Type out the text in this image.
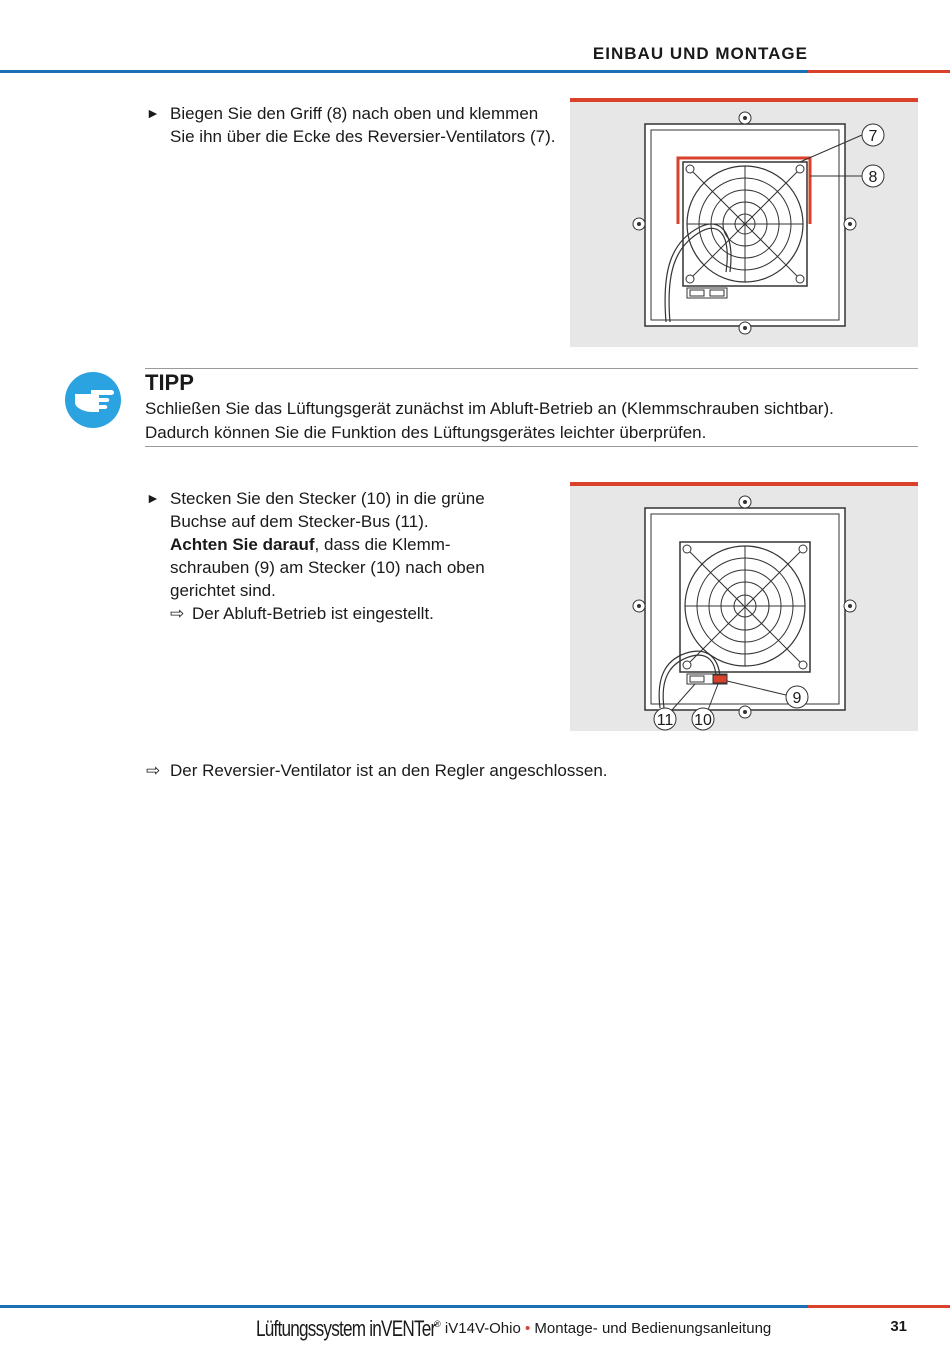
EINBAU UND MONTAGE
► Biegen Sie den Griff (8) nach oben und klemmen Sie ihn über die Ecke des Reversier-Ventilators (7).	7
8
TIPP
Schließen Sie das Lüftungsgerät zunächst im Abluft-Betrieb an (Klemmschrauben sichtbar).
Dadurch können Sie die Funktion des Lüftungsgerätes leichter überprüfen.
► Stecken Sie den Stecker (10) in die grüne
Buchse auf dem Stecker-Bus (11).
Achten Sie darauf, dass die Klemm-
schrauben (9) am Stecker (10) nach oben
gerichtet sind.
⇨ Der Abluft-Betrieb ist eingestellt.
9
11 10
⇨ Der Reversier-Ventilator ist an den Regler angeschlossen.
Lüftungssystem inVENTer® iV14V-Ohio • Montage- und Bedienungsanleitung	31
